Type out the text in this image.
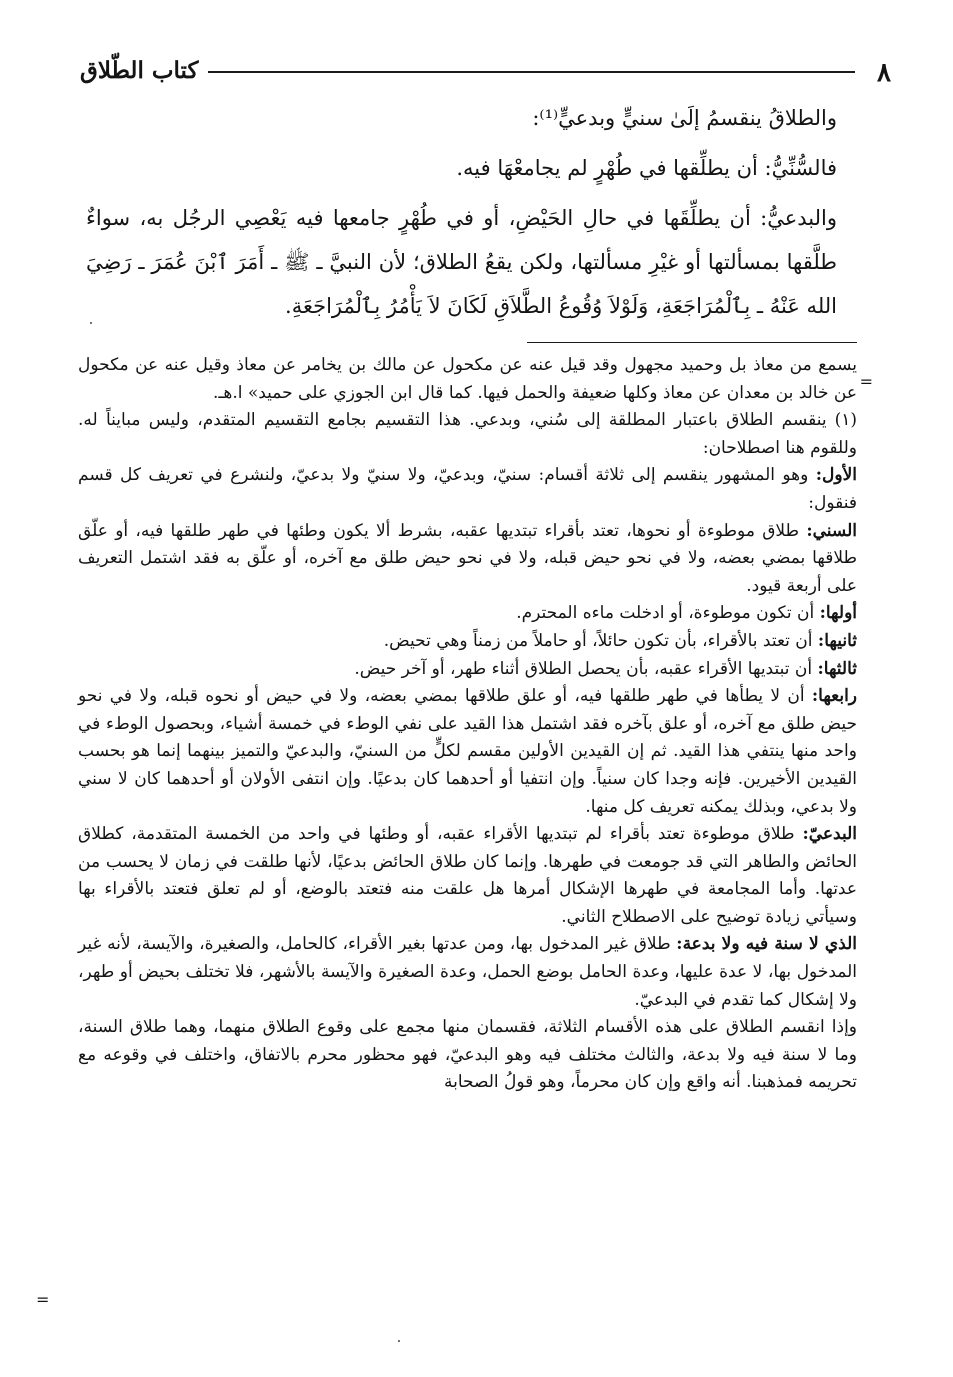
٨
كتاب الطّلاق

والطلاقُ ينقسمُ إلَىٰ سنيٍّ وبدعيٍّ⁽¹⁾:

فالسُّنِّيُّ: أن يطلِّقها في طُهْرٍ لم يجامعْهَا فيه.

والبدعيُّ: أن يطلِّقَها في حالِ الحَيْضِ، أو في طُهْرٍ جامعها فيه يَعْصِي الرجُل به، سواءٌ طلَّقها بمسألتها أو غيْرِ مسألتها، ولكن يقعُ الطلاق؛ لأن النبيَّ ـ ﷺ ـ أَمَرَ ٱبْنَ عُمَرَ ـ رَضِيَ الله عَنْهُ ـ بِٱلْمُرَاجَعَةِ، وَلَوْلاَ وُقُوعُ الطَّلاَقِ لَكَانَ لاَ يَأْمُرُ بِٱلْمُرَاجَعَةِ.

يسمع من معاذ بل وحميد مجهول وقد قيل عنه عن مكحول عن مالك بن يخامر عن معاذ وقيل عنه عن مكحول عن خالد بن معدان عن معاذ وكلها ضعيفة والحمل فيها. كما قال ابن الجوزي على حميد» ا.هـ.

(١)ينقسم الطلاق باعتبار المطلقة إلى سُني، وبدعي. هذا التقسيم بجامع التقسيم المتقدم، وليس مبايناً له. وللقوم هنا اصطلاحان:

الأول: وهو المشهور ينقسم إلى ثلاثة أقسام: سنيّ، وبدعيّ، ولا سنيّ ولا بدعيّ، ولنشرع في تعريف كل قسم فنقول:

السني: طلاق موطوءة أو نحوها، تعتد بأقراء تبتديها عقبه، بشرط ألا يكون وطئها في طهر طلقها فيه، أو علّق طلاقها بمضي بعضه، ولا في نحو حيض قبله، ولا في نحو حيض طلق مع آخره، أو علّق به فقد اشتمل التعريف على أربعة قيود.

أولها: أن تكون موطوءة، أو ادخلت ماءه المحترم.

ثانيها: أن تعتد بالأقراء، بأن تكون حائلاً، أو حاملاً من زمناً وهي تحيض.

ثالثها: أن تبتديها الأقراء عقبه، بأن يحصل الطلاق أثناء طهر، أو آخر حيض.

رابعها: أن لا يطأها في طهر طلقها فيه، أو علق طلاقها بمضي بعضه، ولا في حيض أو نحوه قبله، ولا في نحو حيض طلق مع آخره، أو علق بآخره فقد اشتمل هذا القيد على نفي الوطء في خمسة أشياء، وبحصول الوطء في واحد منها ينتفي هذا القيد. ثم إن القيدين الأولين مقسم لكلٍّ من السنيّ، والبدعيّ والتميز بينهما إنما هو بحسب القيدين الأخيرين. فإنه وجدا كان سنياً. وإن انتفيا أو أحدهما كان بدعيًا. وإن انتفى الأولان أو أحدهما كان لا سني ولا بدعي، وبذلك يمكنه تعريف كل منها.

البدعيّ: طلاق موطوءة تعتد بأقراء لم تبتديها الأقراء عقبه، أو وطئها في واحد من الخمسة المتقدمة، كطلاق الحائض والطاهر التي قد جومعت في طهرها. وإنما كان طلاق الحائض بدعيًا، لأنها طلقت في زمان لا يحسب من عدتها. وأما المجامعة في طهرها الإشكال أمرها هل علقت منه فتعتد بالوضع، أو لم تعلق فتعتد بالأقراء بها وسيأتي زيادة توضيح على الاصطلاح الثاني.

الذي لا سنة فيه ولا بدعة: طلاق غير المدخول بها، ومن عدتها بغير الأقراء، كالحامل، والصغيرة، والآيسة، لأنه غير المدخول بها، لا عدة عليها، وعدة الحامل بوضع الحمل، وعدة الصغيرة والآيسة بالأشهر، فلا تختلف بحيض أو طهر، ولا إشكال كما تقدم في البدعيّ.

وإذا انقسم الطلاق على هذه الأقسام الثلاثة، فقسمان منها مجمع على وقوع الطلاق منهما، وهما طلاق السنة، وما لا سنة فيه ولا بدعة، والثالث مختلف فيه وهو البدعيّ، فهو محظور محرم بالاتفاق، واختلف في وقوعه مع تحريمه فمذهبنا. أنه واقع وإن كان محرماً، وهو قولُ الصحابة

=
=
